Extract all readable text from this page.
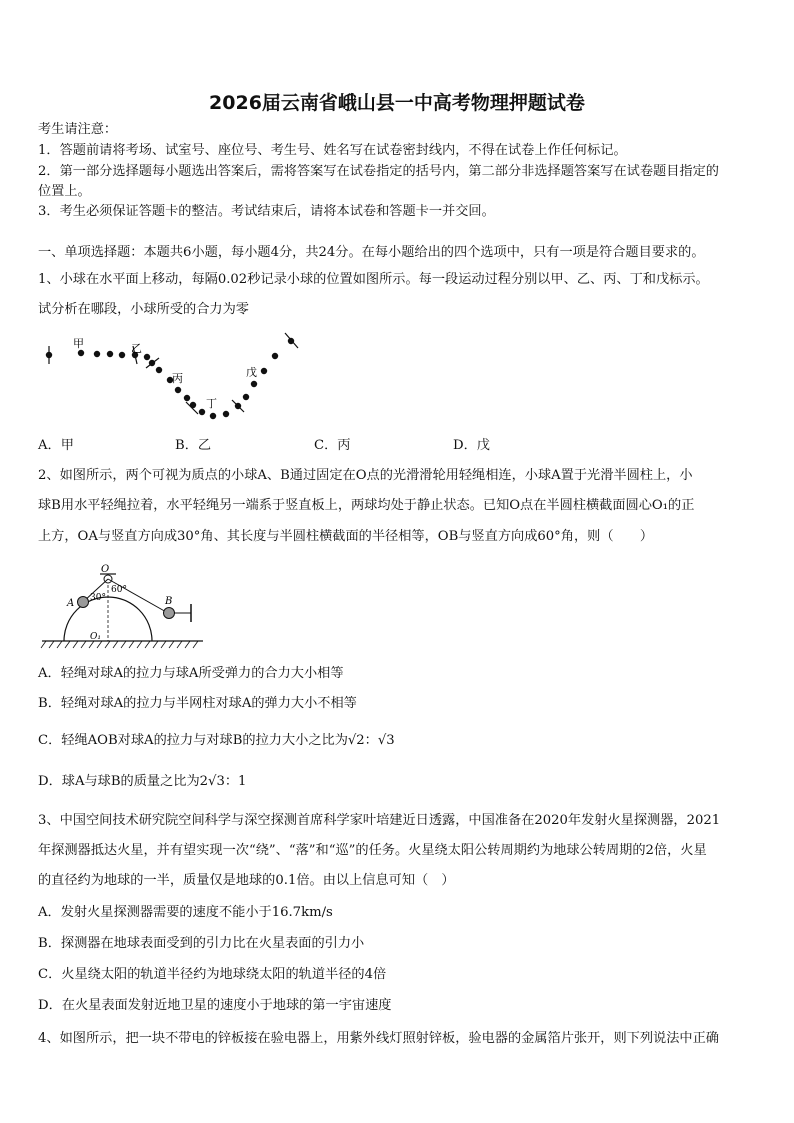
2026届云南省峨山县一中高考物理押题试卷
考生请注意：
1．答题前请将考场、试室号、座位号、考生号、姓名写在试卷密封线内，不得在试卷上作任何标记。
2．第一部分选择题每小题选出答案后，需将答案写在试卷指定的括号内，第二部分非选择题答案写在试卷题目指定的
位置上。
3．考生必须保证答题卡的整洁。考试结束后，请将本试卷和答题卡一并交回。
一、单项选择题：本题共6小题，每小题4分，共24分。在每小题给出的四个选项中，只有一项是符合题目要求的。
1、小球在水平面上移动，每隔0.02秒记录小球的位置如图所示。每一段运动过程分别以甲、乙、丙、丁和戊标示。
试分析在哪段，小球所受的合力为零
甲	乙
丙
丁
戊
A．甲	B．乙	C．丙	D．戊
2、如图所示，两个可视为质点的小球A、B通过固定在O点的光滑滑轮用轻绳相连，小球A置于光滑半圆柱上，小
球B用水平轻绳拉着，水平轻绳另一端系于竖直板上，两球均处于静止状态。已知O点在半圆柱横截面圆心O₁的正
上方，OA与竖直方向成30°角、其长度与半圆柱横截面的半径相等，OB与竖直方向成60°角，则（　　）
O
A	B
O₁
30°
60°
A．轻绳对球A的拉力与球A所受弹力的合力大小相等
B．轻绳对球A的拉力与半网柱对球A的弹力大小不相等
C．轻绳AOB对球A的拉力与对球B的拉力大小之比为√2：√3
D．球A与球B的质量之比为2√3：1
3、中国空间技术研究院空间科学与深空探测首席科学家叶培建近日透露，中国准备在2020年发射火星探测器，2021
年探测器抵达火星，并有望实现一次“绕”、“落”和“巡”的任务。火星绕太阳公转周期约为地球公转周期的2倍，火星
的直径约为地球的一半，质量仅是地球的0.1倍。由以上信息可知（　）
A．发射火星探测器需要的速度不能小于16.7km/s
B．探测器在地球表面受到的引力比在火星表面的引力小
C．火星绕太阳的轨道半径约为地球绕太阳的轨道半径的4倍
D．在火星表面发射近地卫星的速度小于地球的第一宇宙速度
4、如图所示，把一块不带电的锌板接在验电器上，用紫外线灯照射锌板，验电器的金属箔片张开，则下列说法中正确
